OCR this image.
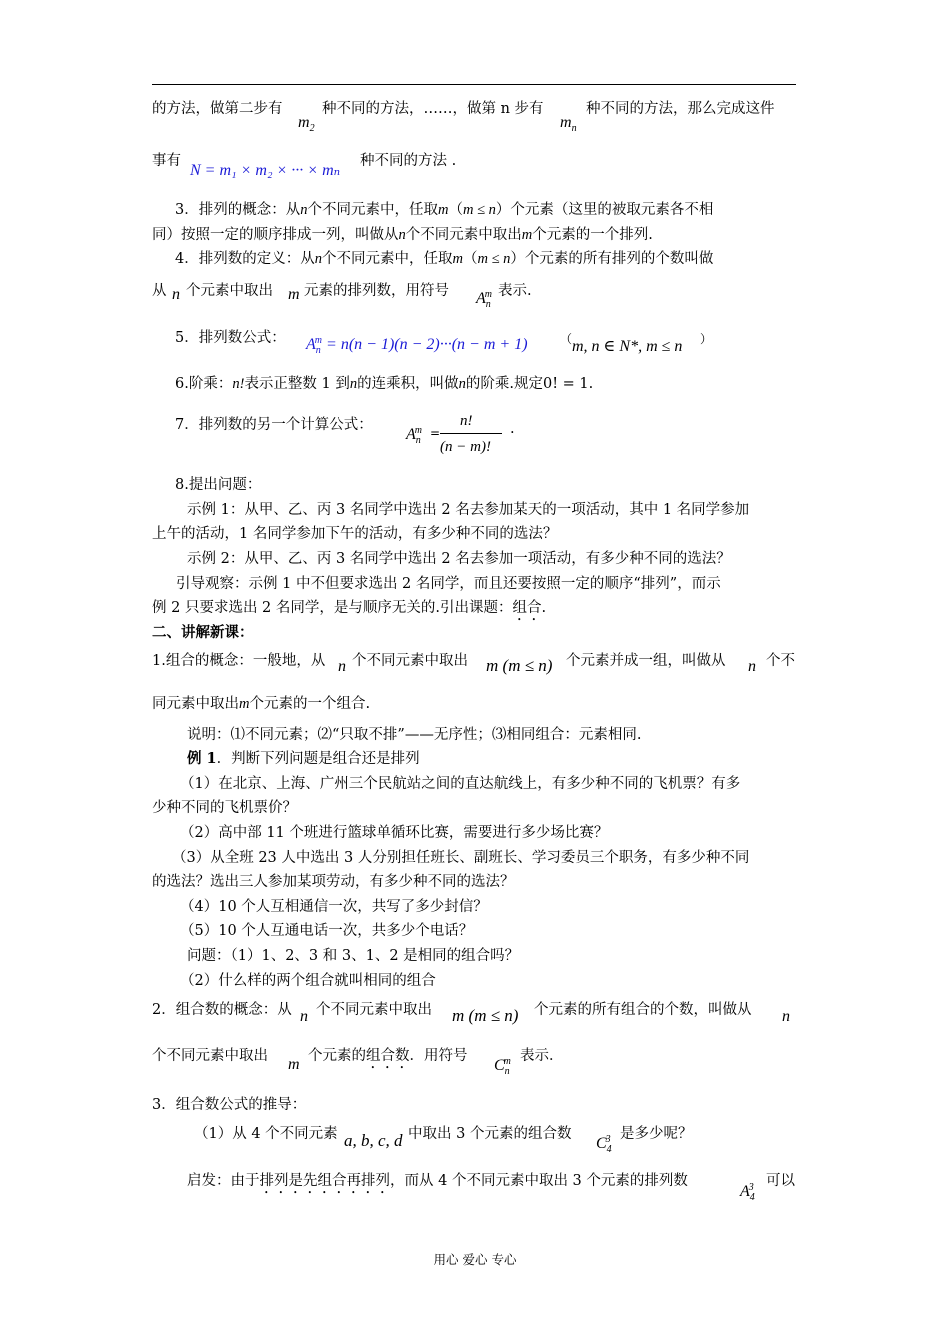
的方法，做第二步有
$m_2$
种不同的方法，……，做第 n 步有
$m_n$
种不同的方法，那么完成这件
事有
N = m₁ × m₂ × ··· × mₙ
种不同的方法 .
3．排列的概念：从n个不同元素中，任取m（m ≤ n）个元素（这里的被取元素各不相
同）按照一定的顺序排成一列，叫做从n个不同元素中取出m个元素的一个排列.
4．排列数的定义：从n个不同元素中，任取m（m ≤ n）个元素的所有排列的个数叫做
从 n 个元素中取出 m 元素的排列数，用符号 $A_n^m$ 表示.
5．排列数公式： $A_n^m = n(n - 1)(n - 2)\cdot\cdot\cdot(n - m + 1)$	（ m, n ∈ N*, m ≤ n ）
6.阶乘：n!表示正整数 1 到n的连乘积，叫做n的阶乘.规定0! = 1.
7．排列数的另一个计算公式：
$A_n^m$ =
n!
(n − m)!
.
8.提出问题：
示例 1：从甲、乙、丙 3 名同学中选出 2 名去参加某天的一项活动，其中 1 名同学参加
上午的活动，1 名同学参加下午的活动，有多少种不同的选法？
示例 2：从甲、乙、丙 3 名同学中选出 2 名去参加一项活动，有多少种不同的选法？
引导观察：示例 1 中不但要求选出 2 名同学，而且还要按照一定的顺序“排列”，而示
例 2 只要求选出 2 名同学，是与顺序无关的.引出课题：组合.
二、讲解新课：
1.组合的概念：一般地，从 n 个不同元素中取出 m (m ≤ n) 个元素并成一组，叫做从 n 个不
同元素中取出m个元素的一个组合.
说明：⑴不同元素；⑵“只取不排”——无序性；⑶相同组合：元素相同.
例 1．判断下列问题是组合还是排列
（1）在北京、上海、广州三个民航站之间的直达航线上，有多少种不同的飞机票？有多
少种不同的飞机票价？
（2）高中部 11 个班进行篮球单循环比赛，需要进行多少场比赛？
（3）从全班 23 人中选出 3 人分别担任班长、副班长、学习委员三个职务，有多少种不同
的选法？选出三人参加某项劳动，有多少种不同的选法？
（4）10 个人互相通信一次，共写了多少封信？
（5）10 个人互通电话一次，共多少个电话？
问题：（1）1、2、3 和 3、1、2 是相同的组合吗？
（2）什么样的两个组合就叫相同的组合
2．组合数的概念：从 n 个不同元素中取出 m (m ≤ n) 个元素的所有组合的个数，叫做从 n
个不同元素中取出 m 个元素的组合数．用符号
$C_n^m$ 表示．
3．组合数公式的推导：
（1）从 4 个不同元素 a, b, c, d 中取出 3 个元素的组合数
$C_4^3$ 是多少呢？
启发：由于排列是先组合再排列，而从 4 个不同元素中取出 3 个元素的排列数
$A_4^3$ 可以
用心 爱心 专心
